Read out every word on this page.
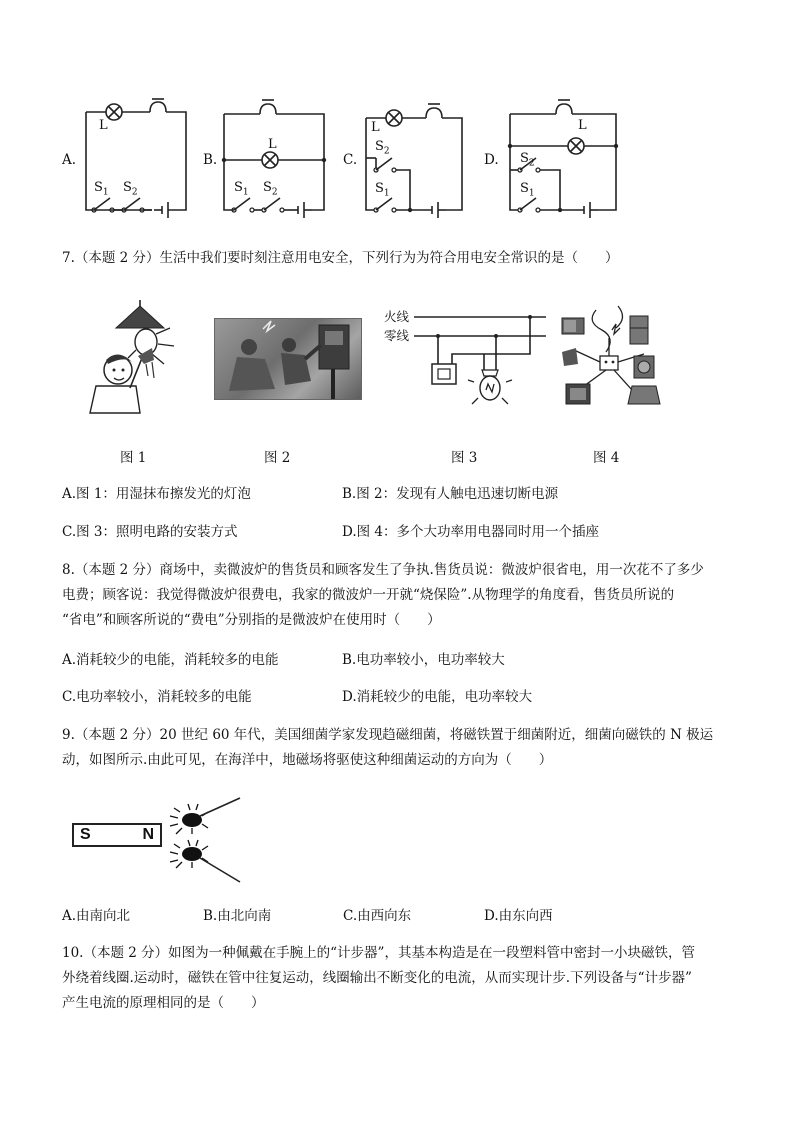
A.	B.	C.	D.
L
$S_1$ $S_2$
L
$S_1$ $S_2$
L
$S_2$
$S_1$
L
$S_2$
$S_1$
7.（本题 2 分）生活中我们要时刻注意用电安全，下列行为为符合用电安全常识的是（　　）
火线
零线
图 1	图 2	图 3	图 4
A.图 1：用湿抹布擦发光的灯泡	B.图 2：发现有人触电迅速切断电源
C.图 3：照明电路的安装方式	D.图 4：多个大功率用电器同时用一个插座
8.（本题 2 分）商场中，卖微波炉的售货员和顾客发生了争执.售货员说：微波炉很省电，用一次花不了多少
电费；顾客说：我觉得微波炉很费电，我家的微波炉一开就“烧保险”.从物理学的角度看，售货员所说的
“省电”和顾客所说的“费电”分别指的是微波炉在使用时（　　）
A.消耗较少的电能，消耗较多的电能	B.电功率较小，电功率较大
C.电功率较小，消耗较多的电能	D.消耗较少的电能，电功率较大
9.（本题 2 分）20 世纪 60 年代，美国细菌学家发现趋磁细菌，将磁铁置于细菌附近，细菌向磁铁的 N 极运
动，如图所示.由此可见，在海洋中，地磁场将驱使这种细菌运动的方向为（　　）
S	N
A.由南向北	B.由北向南	C.由西向东	D.由东向西
10.（本题 2 分）如图为一种佩戴在手腕上的“计步器”，其基本构造是在一段塑料管中密封一小块磁铁，管
外绕着线圈.运动时，磁铁在管中往复运动，线圈输出不断变化的电流，从而实现计步.下列设备与“计步器”
产生电流的原理相同的是（　　）
